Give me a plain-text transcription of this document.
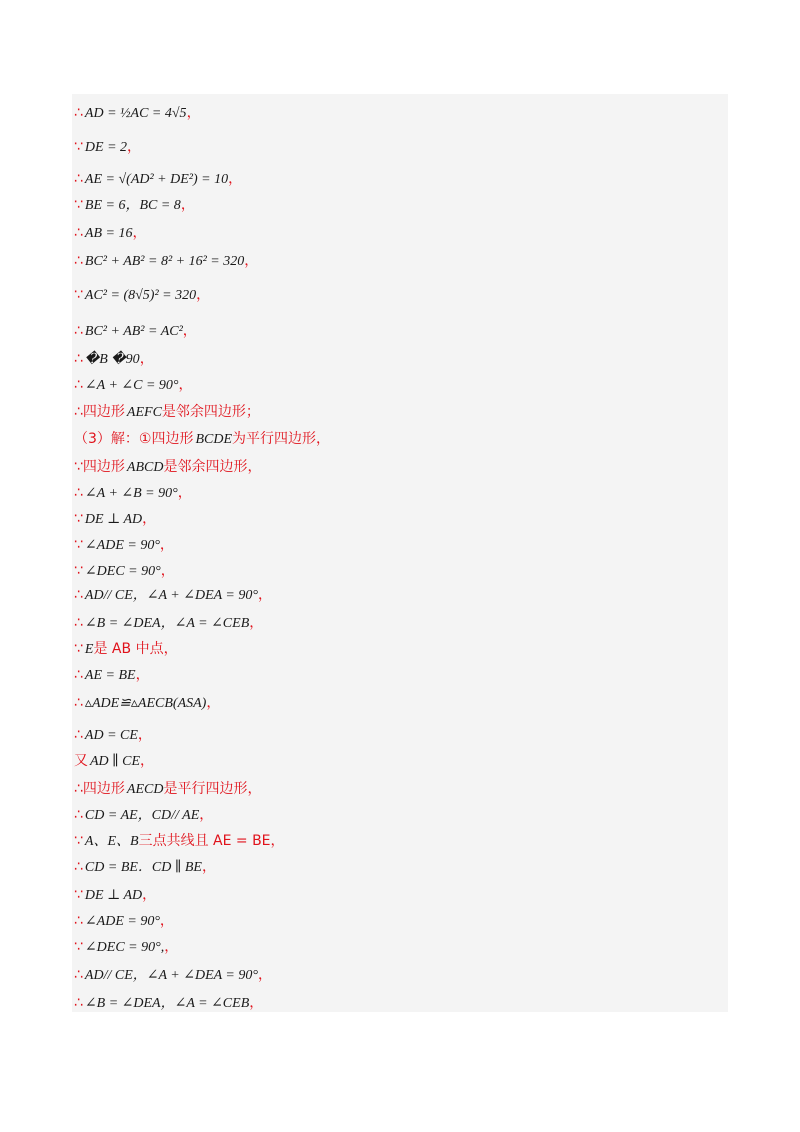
∴ AD = ½AC = 4√5，
∵ DE = 2，
∴ AE = √(AD² + DE²) = 10，
∵ BE = 6，BC = 8，
∴ AB = 16，
∴ BC² + AB² = 8² + 16² = 320，
∵ AC² = (8√5)² = 320，
∴ BC² + AB² = AC²，
∴ �B �90，
∴ ∠A + ∠C = 90°，
∴四边形 AEFC是邻余四边形；
（3）解：①四边形 BCDE为平行四边形，
∵四边形 ABCD是邻余四边形，
∴ ∠A + ∠B = 90°，
∵ DE ⊥ AD，
∵ ∠ADE = 90°，
∵ ∠DEC = 90°，
∴ AD// CE，∠A + ∠DEA = 90°，
∴ ∠B = ∠DEA，∠A = ∠CEB，
∵ E是 AB 中点，
∴ AE = BE，
∴ ▵ADE≌▵AECB(ASA)，
∴ AD = CE，
又 AD ∥ CE，
∴四边形 AECD是平行四边形，
∴ CD = AE，CD// AE，
∵ A、E、B三点共线且 AE = BE，
∴ CD = BE．CD ∥ BE，
∵ DE ⊥ AD，
∴ ∠ADE = 90°，
∵ ∠DEC = 90°,，
∴ AD// CE，∠A + ∠DEA = 90°，
∴ ∠B = ∠DEA，∠A = ∠CEB，
